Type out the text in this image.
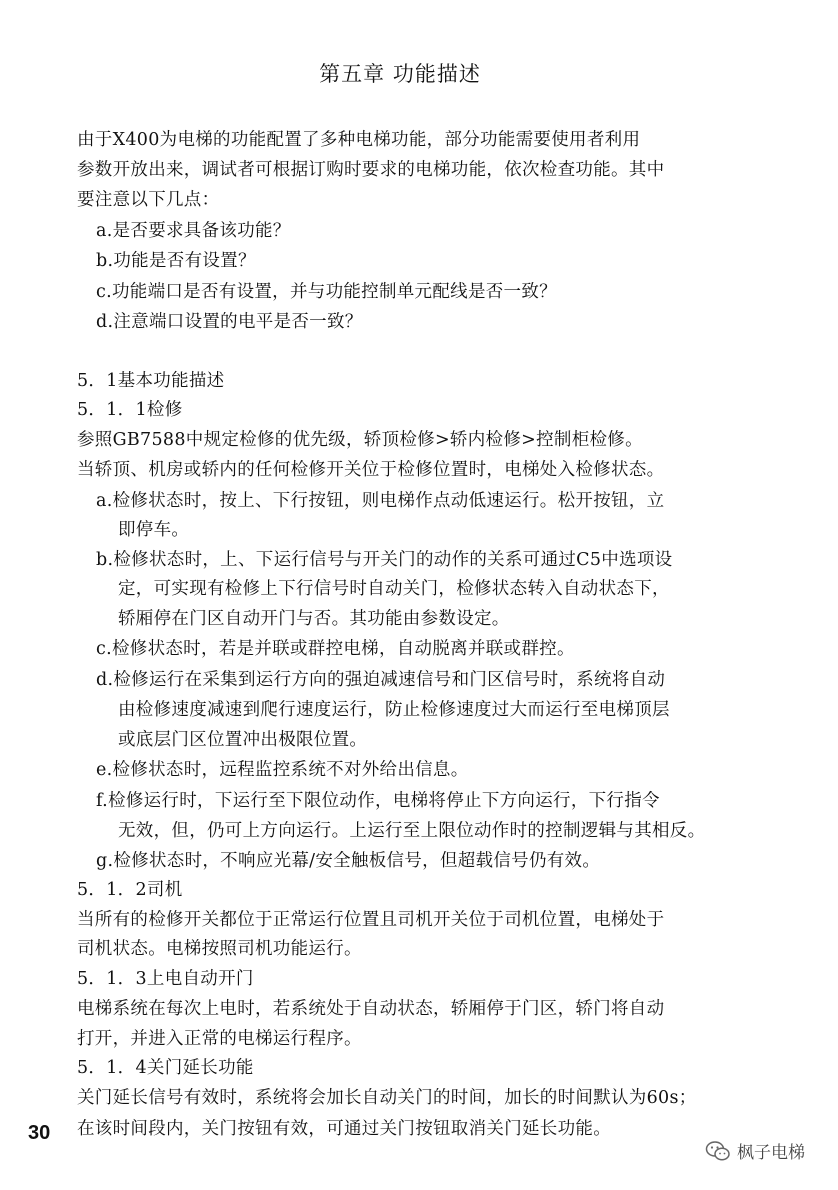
第五章 功能描述
由于X400为电梯的功能配置了多种电梯功能，部分功能需要使用者利用
参数开放出来，调试者可根据订购时要求的电梯功能，依次检查功能。其中
要注意以下几点：
a.是否要求具备该功能？
b.功能是否有设置？
c.功能端口是否有设置，并与功能控制单元配线是否一致？
d.注意端口设置的电平是否一致？
5．1基本功能描述
5．1．1检修
参照GB7588中规定检修的优先级，轿顶检修>轿内检修>控制柜检修。
当轿顶、机房或轿内的任何检修开关位于检修位置时，电梯处入检修状态。
a.检修状态时，按上、下行按钮，则电梯作点动低速运行。松开按钮，立
即停车。
b.检修状态时，上、下运行信号与开关门的动作的关系可通过C5中选项设
定，可实现有检修上下行信号时自动关门，检修状态转入自动状态下，
轿厢停在门区自动开门与否。其功能由参数设定。
c.检修状态时，若是并联或群控电梯，自动脱离并联或群控。
d.检修运行在采集到运行方向的强迫减速信号和门区信号时，系统将自动
由检修速度减速到爬行速度运行，防止检修速度过大而运行至电梯顶层
或底层门区位置冲出极限位置。
e.检修状态时，远程监控系统不对外给出信息。
f.检修运行时，下运行至下限位动作，电梯将停止下方向运行，下行指令
无效，但，仍可上方向运行。上运行至上限位动作时的控制逻辑与其相反。
g.检修状态时，不响应光幕/安全触板信号，但超载信号仍有效。
5．1．2司机
当所有的检修开关都位于正常运行位置且司机开关位于司机位置，电梯处于
司机状态。电梯按照司机功能运行。
5．1．3上电自动开门
电梯系统在每次上电时，若系统处于自动状态，轿厢停于门区，轿门将自动
打开，并进入正常的电梯运行程序。
5．1．4关门延长功能
关门延长信号有效时，系统将会加长自动关门的时间，加长的时间默认为60s；
在该时间段内，关门按钮有效，可通过关门按钮取消关门延长功能。
30
枫子电梯
